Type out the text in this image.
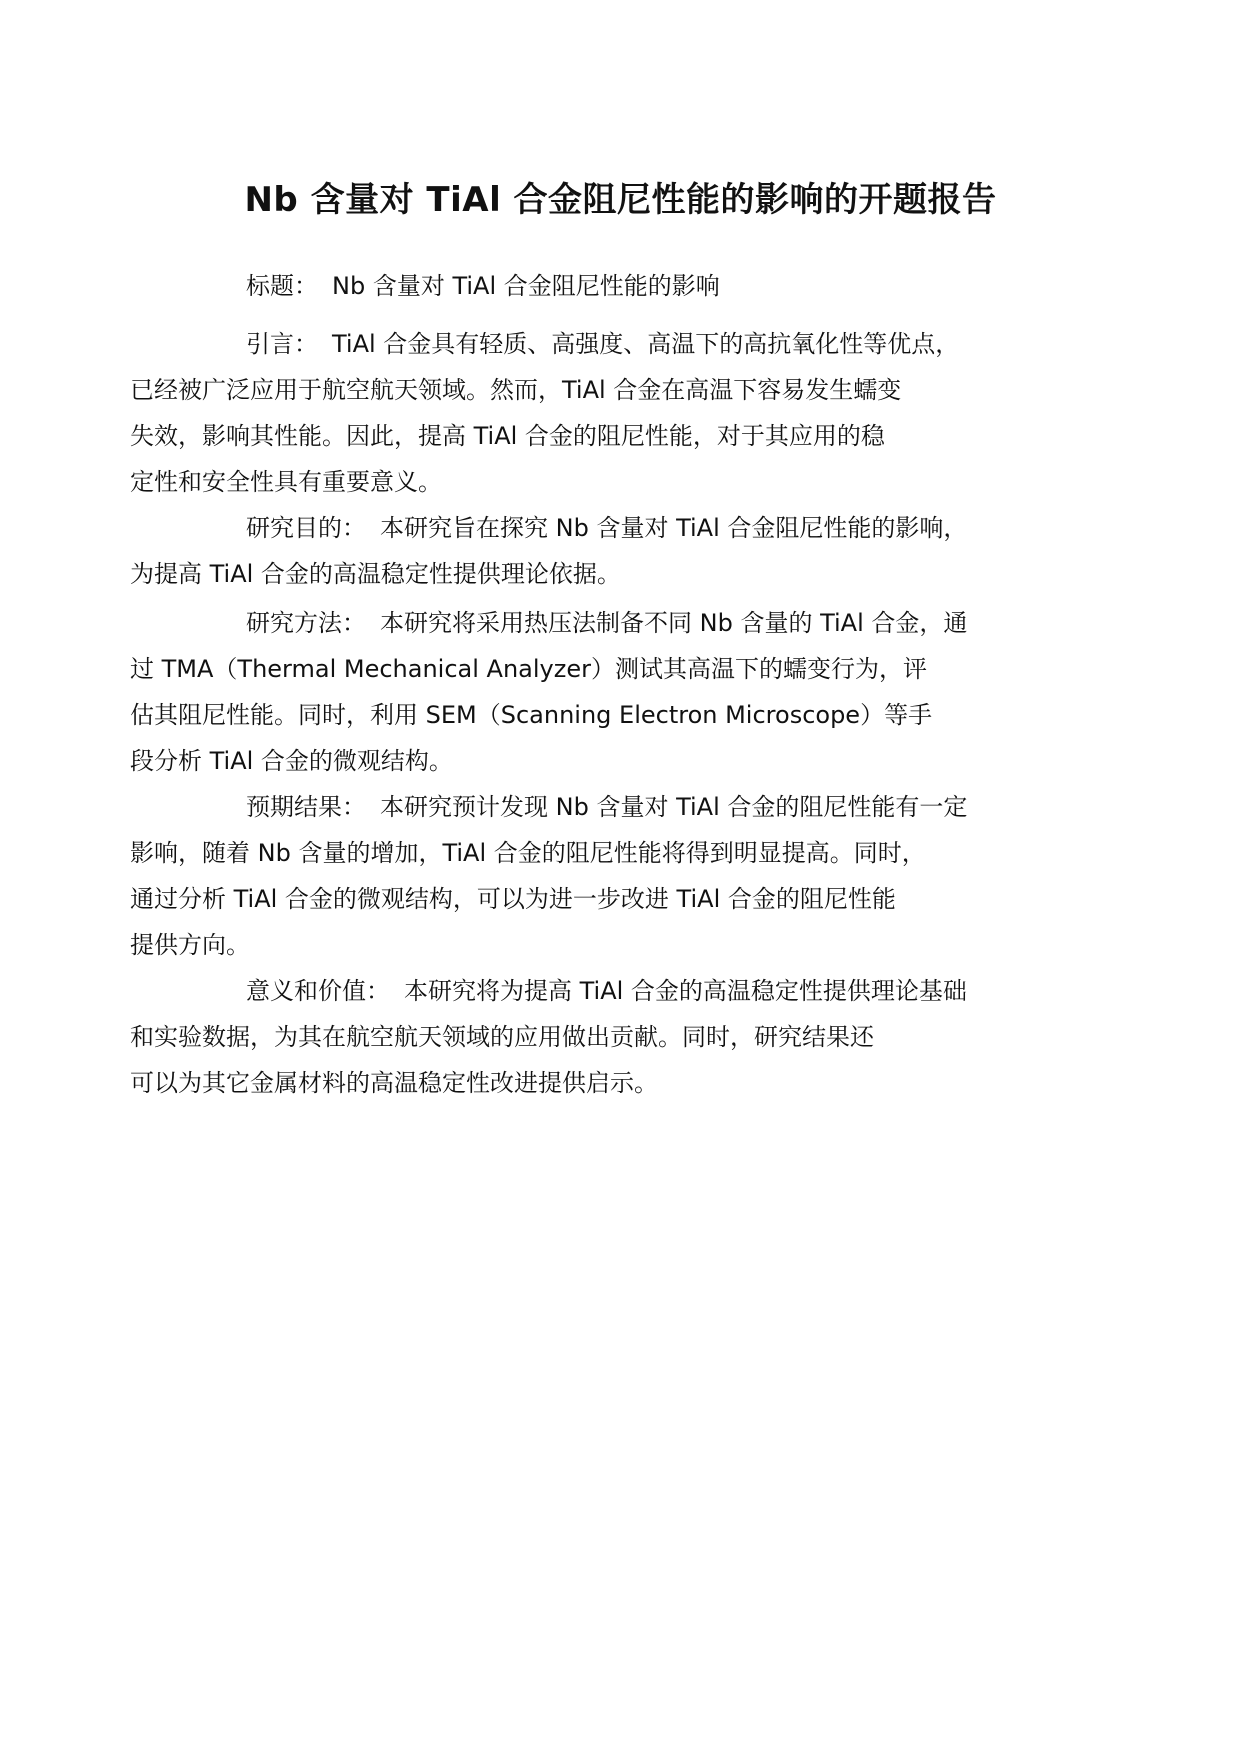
Nb 含量对 TiAl 合金阻尼性能的影响的开题报告

标题： Nb 含量对 TiAl 合金阻尼性能的影响

引言： TiAl 合金具有轻质、高强度、高温下的高抗氧化性等优点，
已经被广泛应用于航空航天领域。然而，TiAl 合金在高温下容易发生蠕变
失效，影响其性能。因此，提高 TiAl 合金的阻尼性能，对于其应用的稳
定性和安全性具有重要意义。

研究目的： 本研究旨在探究 Nb 含量对 TiAl 合金阻尼性能的影响，
为提高 TiAl 合金的高温稳定性提供理论依据。

研究方法： 本研究将采用热压法制备不同 Nb 含量的 TiAl 合金，通
过 TMA（Thermal Mechanical Analyzer）测试其高温下的蠕变行为，评
估其阻尼性能。同时，利用 SEM（Scanning Electron Microscope）等手
段分析 TiAl 合金的微观结构。

预期结果： 本研究预计发现 Nb 含量对 TiAl 合金的阻尼性能有一定
影响，随着 Nb 含量的增加，TiAl 合金的阻尼性能将得到明显提高。同时，
通过分析 TiAl 合金的微观结构，可以为进一步改进 TiAl 合金的阻尼性能
提供方向。

意义和价值： 本研究将为提高 TiAl 合金的高温稳定性提供理论基础
和实验数据，为其在航空航天领域的应用做出贡献。同时，研究结果还
可以为其它金属材料的高温稳定性改进提供启示。
